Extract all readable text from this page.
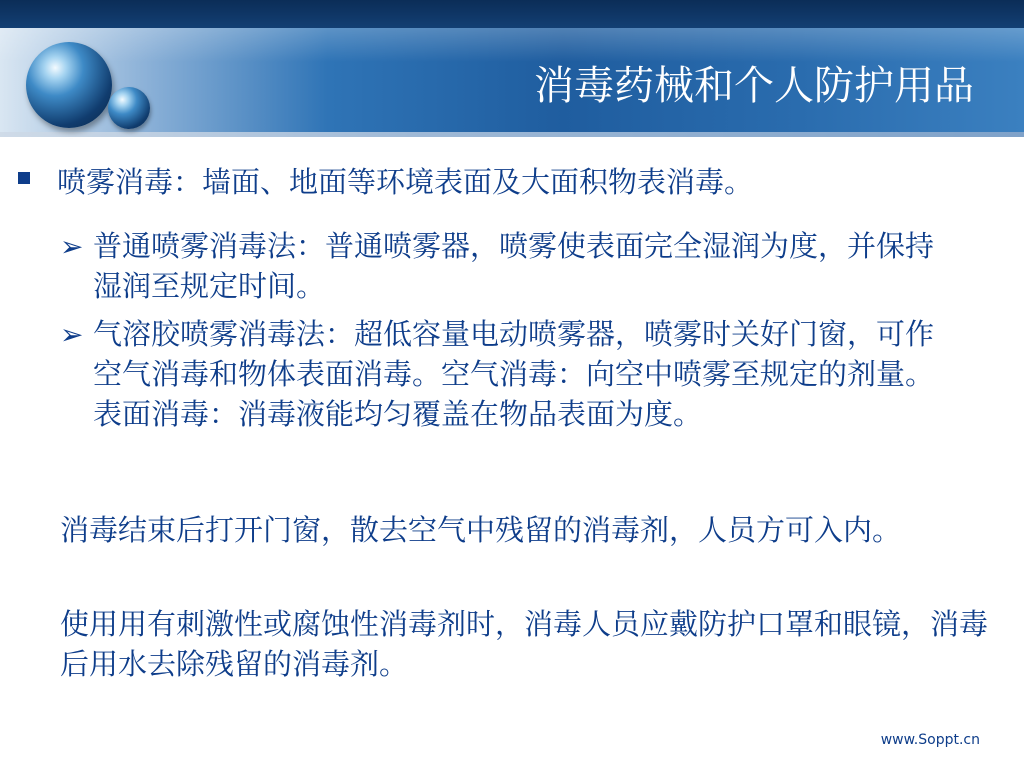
消毒药械和个人防护用品
喷雾消毒：墙面、地面等环境表面及大面积物表消毒。
➢ 普通喷雾消毒法：普通喷雾器，喷雾使表面完全湿润为度，并保持湿润至规定时间。
➢ 气溶胶喷雾消毒法：超低容量电动喷雾器，喷雾时关好门窗，可作空气消毒和物体表面消毒。空气消毒：向空中喷雾至规定的剂量。表面消毒：消毒液能均匀覆盖在物品表面为度。
消毒结束后打开门窗，散去空气中残留的消毒剂，人员方可入内。
使用用有刺激性或腐蚀性消毒剂时，消毒人员应戴防护口罩和眼镜，消毒后用水去除残留的消毒剂。
www.Soppt.cn
